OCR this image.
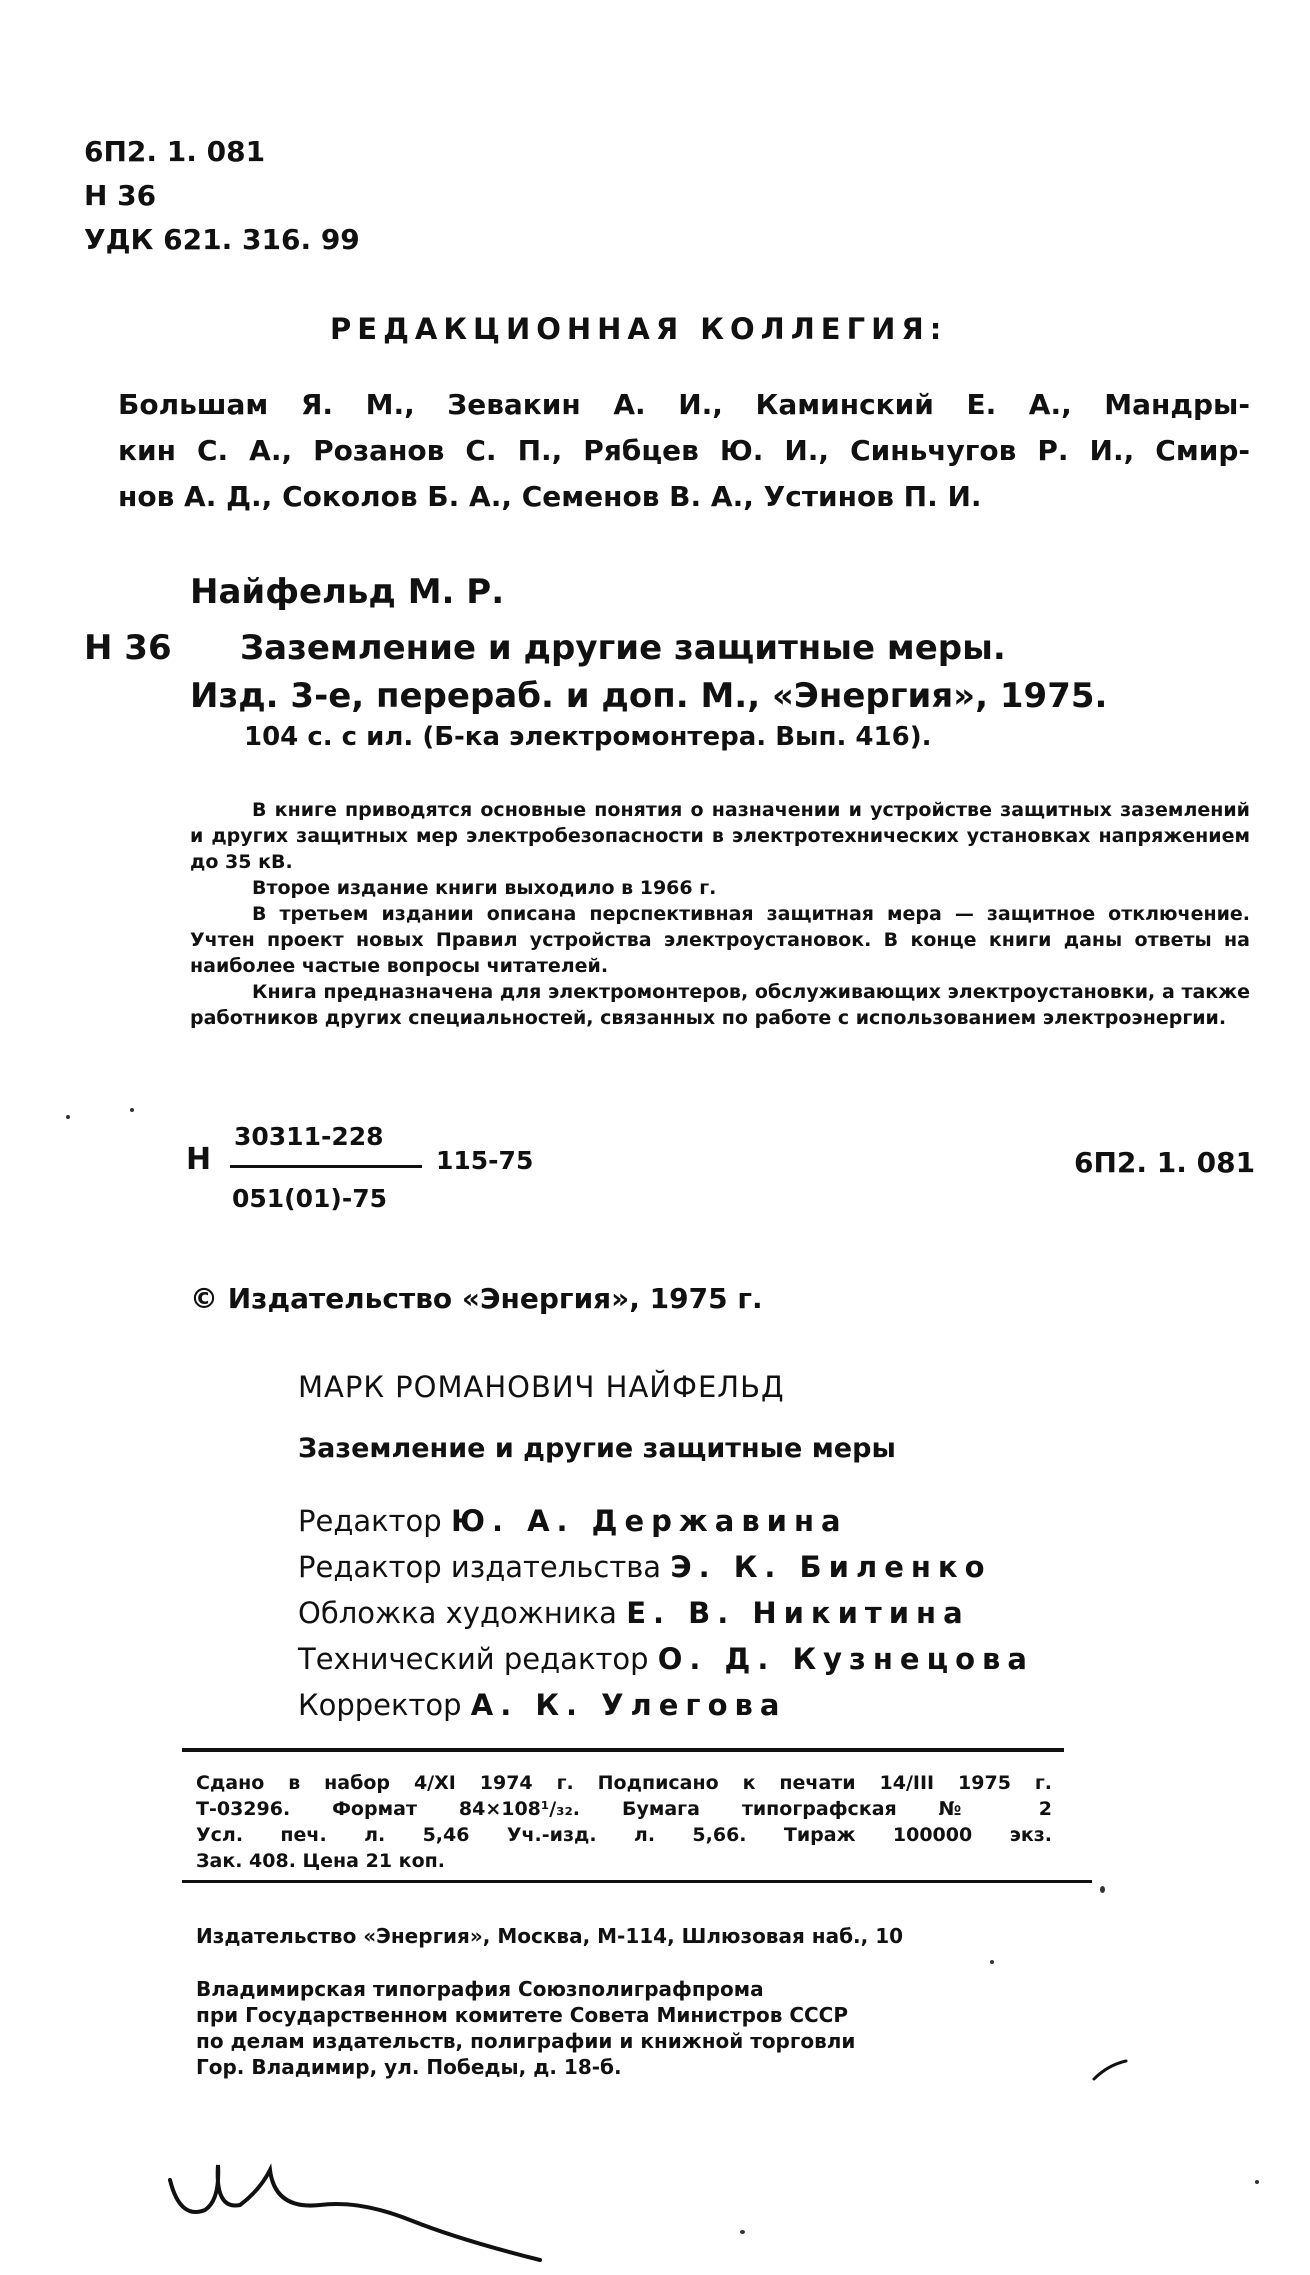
6П2. 1. 081
Н 36
УДК 621. 316. 99
РЕДАКЦИОННАЯ КОЛЛЕГИЯ:
Большам Я. М., Зевакин А. И., Каминский Е. А., Мандры-
кин С. А., Розанов С. П., Рябцев Ю. И., Синьчугов Р. И., Смир-
нов А. Д., Соколов Б. А., Семенов В. А., Устинов П. И.
Найфельд М. Р.
Н 36 Заземление и другие защитные меры.
Изд. 3-е, перераб. и доп. М., «Энергия», 1975.
104 с. с ил. (Б-ка электромонтера. Вып. 416).

В книге приводятся основные понятия о назначении и устройстве защитных заземлений и других защитных мер электробезопасности в электротехнических установках напряжением до 35 кВ.

Второе издание книги выходило в 1966 г.

В третьем издании описана перспективная защитная мера — защитное отключение. Учтен проект новых Правил устройства электроустановок. В конце книги даны ответы на наиболее частые вопросы читателей.

Книга предназначена для электромонтеров, обслуживающих электроустановки, а также работников других специальностей, связанных по работе с использованием электроэнергии.

Н
30311-228
051(01)-75
115-75	6П2. 1. 081
© Издательство «Энергия», 1975 г.
МАРК РОМАНОВИЧ НАЙФЕЛЬД
Заземление и другие защитные меры
Редактор Ю. А. Державина
Редактор издательства Э. К. Биленко
Обложка художника Е. В. Никитина
Технический редактор О. Д. Кузнецова
Корректор А. К. Улегова
Сдано в набор 4/XI 1974 г. Подписано к печати 14/III 1975 г.
Т-03296. Формат 84×108¹/₃₂. Бумага типографская № 2
Усл. печ. л. 5,46 Уч.-изд. л. 5,66. Тираж 100000 экз.
Зак. 408. Цена 21 коп.
Издательство «Энергия», Москва, М-114, Шлюзовая наб., 10
Владимирская типография Союзполиграфпрома
при Государственном комитете Совета Министров СССР
по делам издательств, полиграфии и книжной торговли
Гор. Владимир, ул. Победы, д. 18-б.
